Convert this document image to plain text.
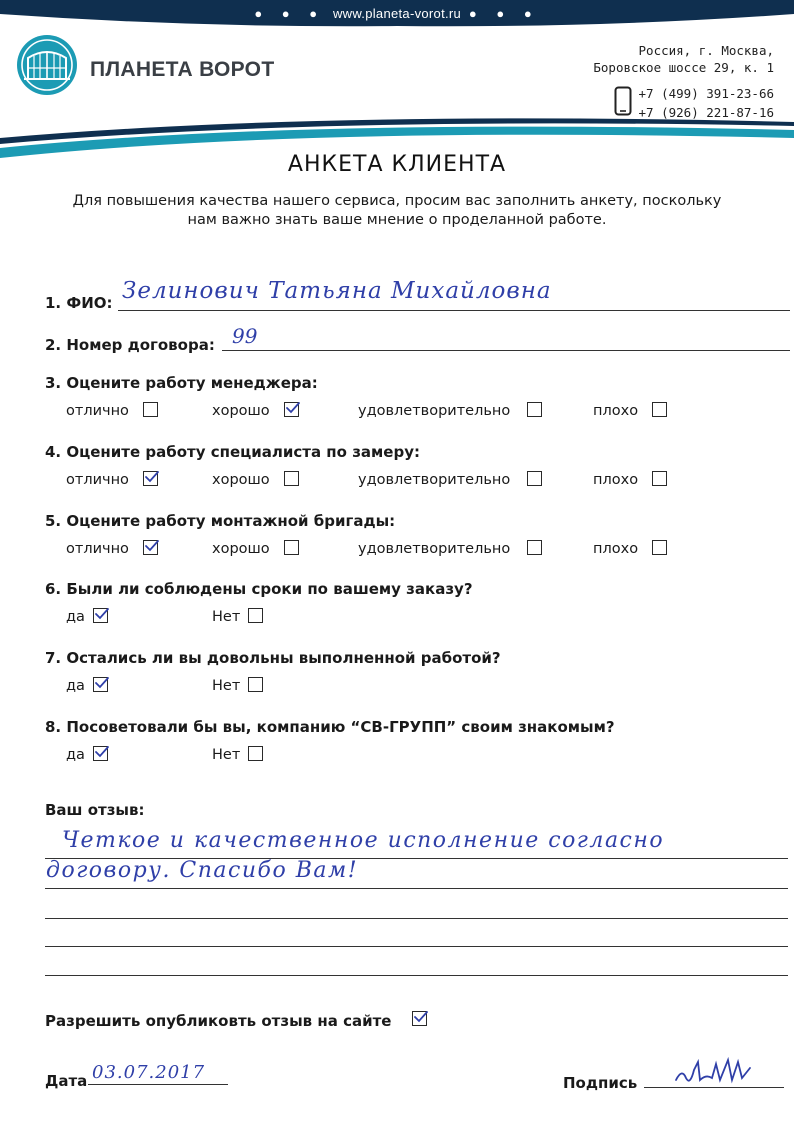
● ● ● www.planeta-vorot.ru ● ● ●
ПЛАНЕТА ВОРОТ
Россия, г. Москва,
Боровское шоссе 29, к. 1
+7 (499) 391-23-66
+7 (926) 221-87-16
АНКЕТА КЛИЕНТА
Для повышения качества нашего сервиса, просим вас заполнить анкету, поскольку
нам важно знать ваше мнение о проделанной работе.
1. ФИО: Зелинович Татьяна Михайловна
2. Номер договора: 99
3. Оцените работу менеджера:
отлично	хорошо	удовлетворительно	плохо
4. Оцените работу специалиста по замеру:
отлично	хорошо	удовлетворительно	плохо
5. Оцените работу монтажной бригады:
отлично	хорошо	удовлетворительно	плохо
6. Были ли соблюдены сроки по вашему заказу?
да	Нет
7. Остались ли вы довольны выполненной работой?
да	Нет
8. Посоветовали бы вы, компанию “СВ-ГРУПП” своим знакомым?
да	Нет
Ваш отзыв:
Четкое и качественное исполнение согласно
договору. Спасибо Вам!
Разрешить опубликовть отзыв на сайте
Дата 03.07.2017	Подпись
